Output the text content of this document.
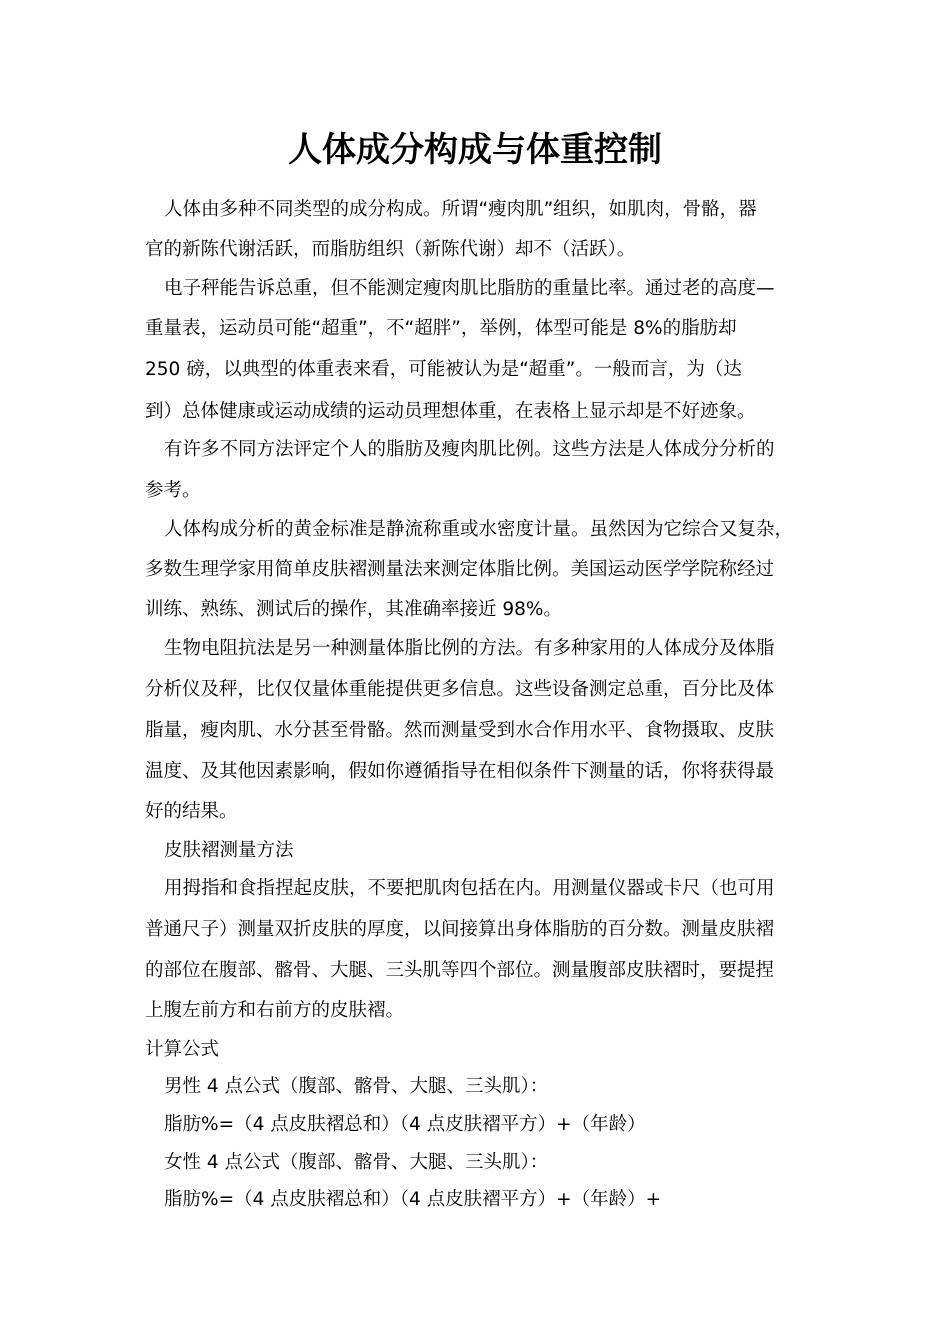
人体成分构成与体重控制
人体由多种不同类型的成分构成。所谓“瘦肉肌”组织，如肌肉，骨骼，器
官的新陈代谢活跃，而脂肪组织（新陈代谢）却不（活跃）。
电子秤能告诉总重，但不能测定瘦肉肌比脂肪的重量比率。通过老的高度—
重量表，运动员可能“超重”，不“超胖”，举例，体型可能是 8%的脂肪却
250 磅，以典型的体重表来看，可能被认为是“超重”。一般而言，为（达
到）总体健康或运动成绩的运动员理想体重，在表格上显示却是不好迹象。
有许多不同方法评定个人的脂肪及瘦肉肌比例。这些方法是人体成分分析的
参考。
人体构成分析的黄金标准是静流称重或水密度计量。虽然因为它综合又复杂，
多数生理学家用简单皮肤褶测量法来测定体脂比例。美国运动医学学院称经过
训练、熟练、测试后的操作，其准确率接近 98%。
生物电阻抗法是另一种测量体脂比例的方法。有多种家用的人体成分及体脂
分析仪及秤，比仅仅量体重能提供更多信息。这些设备测定总重，百分比及体
脂量，瘦肉肌、水分甚至骨骼。然而测量受到水合作用水平、食物摄取、皮肤
温度、及其他因素影响，假如你遵循指导在相似条件下测量的话，你将获得最
好的结果。
皮肤褶测量方法
用拇指和食指捏起皮肤，不要把肌肉包括在内。用测量仪器或卡尺（也可用
普通尺子）测量双折皮肤的厚度，以间接算出身体脂肪的百分数。测量皮肤褶
的部位在腹部、髂骨、大腿、三头肌等四个部位。测量腹部皮肤褶时，要提捏
上腹左前方和右前方的皮肤褶。
计算公式
男性 4 点公式（腹部、髂骨、大腿、三头肌）：
脂肪%=（4 点皮肤褶总和）（4 点皮肤褶平方）+（年龄）
女性 4 点公式（腹部、髂骨、大腿、三头肌）：
脂肪%=（4 点皮肤褶总和）（4 点皮肤褶平方）+（年龄）+
